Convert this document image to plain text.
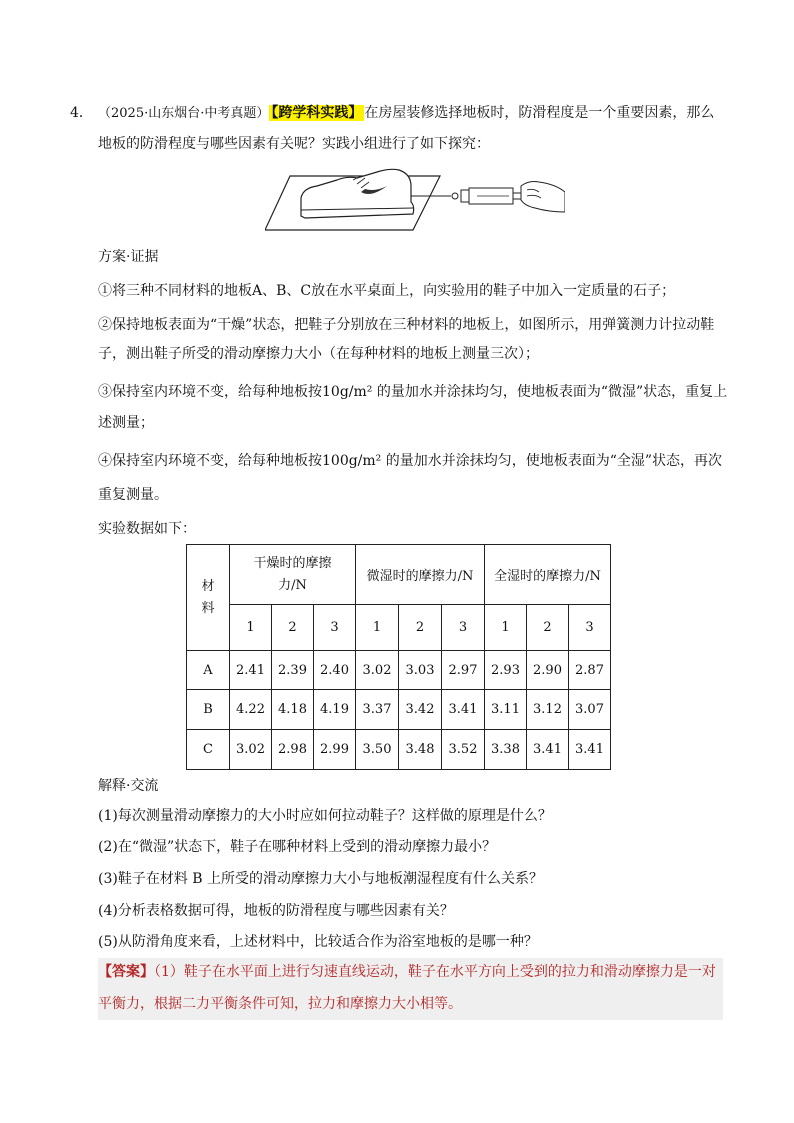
4． （2025·山东烟台·中考真题） 【跨学科实践】 在房屋装修选择地板时，防滑程度是一个重要因素，那么
地板的防滑程度与哪些因素有关呢？实践小组进行了如下探究：
方案·证据
①将三种不同材料的地板A、B、C放在水平桌面上，向实验用的鞋子中加入一定质量的石子；
②保持地板表面为“干燥”状态，把鞋子分别放在三种材料的地板上，如图所示，用弹簧测力计拉动鞋
子，测出鞋子所受的滑动摩擦力大小（在每种材料的地板上测量三次）；
③保持室内环境不变，给每种地板按10g/m² 的量加水并涂抹均匀，使地板表面为“微湿”状态，重复上
述测量；
④保持室内环境不变，给每种地板按100g/m² 的量加水并涂抹均匀，使地板表面为“全湿”状态，再次
重复测量。
实验数据如下：
材料	干燥时的摩擦力/N			微湿时的摩擦力/N			全湿时的摩擦力/N		
	1	2	3	1	2	3	1	2	3
A	2.41	2.39	2.40	3.02	3.03	2.97	2.93	2.90	2.87
B	4.22	4.18	4.19	3.37	3.42	3.41	3.11	3.12	3.07
C	3.02	2.98	2.99	3.50	3.48	3.52	3.38	3.41	3.41
解释·交流
(1)每次测量滑动摩擦力的大小时应如何拉动鞋子？这样做的原理是什么？
(2)在“微湿”状态下，鞋子在哪种材料上受到的滑动摩擦力最小？
(3)鞋子在材料 B 上所受的滑动摩擦力大小与地板潮湿程度有什么关系？
(4)分析表格数据可得，地板的防滑程度与哪些因素有关？
(5)从防滑角度来看，上述材料中，比较适合作为浴室地板的是哪一种？
【答案】（1）鞋子在水平面上进行匀速直线运动，鞋子在水平方向上受到的拉力和滑动摩擦力是一对
平衡力，根据二力平衡条件可知，拉力和摩擦力大小相等。
